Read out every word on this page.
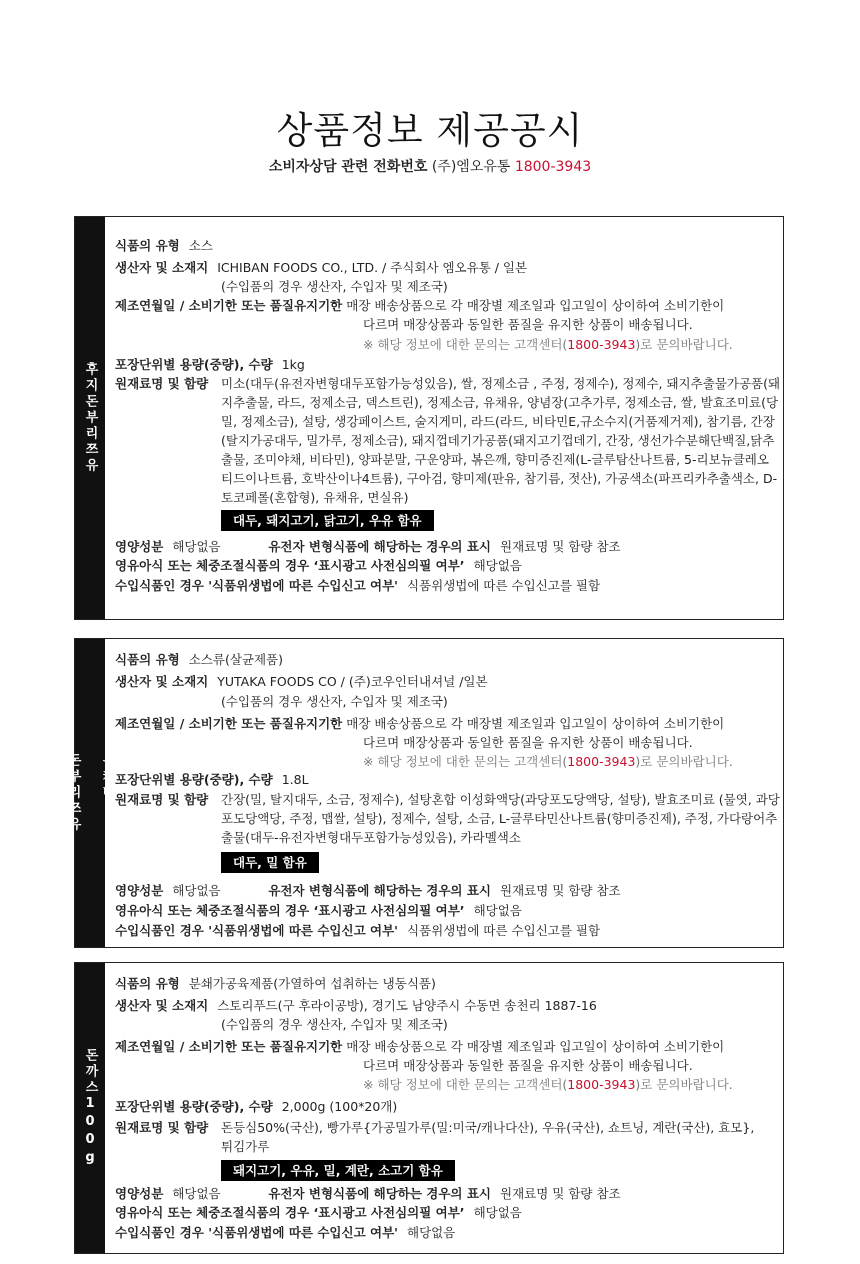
상품정보 제공공시
소비자상담 관련 전화번호 (주)엠오유통 1800-3943
후지돈부리쯔유
식품의 유형 소스
생산자 및 소재지 ICHIBAN FOODS CO., LTD. / 주식회사 엠오유통 / 일본
(수입품의 경우 생산자, 수입자 및 제조국)
제조연월일 / 소비기한 또는 품질유지기한 매장 배송상품으로 각 매장별 제조일과 입고일이 상이하여 소비기한이
다르며 매장상품과 동일한 품질을 유지한 상품이 배송됩니다.
※ 해당 정보에 대한 문의는 고객센터(1800-3943)로 문의바랍니다.
포장단위별 용량(중량), 수량 1kg
원재료명 및 함량 미소(대두(유전자변형대두포함가능성있음), 쌀, 정제소금 , 주정, 정제수), 정제수, 돼지추출물가공품(돼지추출물, 라드, 정제소금, 덱스트린), 정제소금, 유채유, 양념장(고추가루, 정제소금, 쌀, 발효조미료(당밀, 정제소금), 설탕, 생강페이스트, 술지게미, 라드(라드, 비타민E,규소수지(거품제거제), 참기름, 간장(탈지가공대두, 밀가루, 정제소금), 돼지껍데기가공품(돼지고기껍데기, 간장, 생선가수분해단백질,닭추출물, 조미야채, 비타민), 양파분말, 구운양파, 볶은깨, 향미증진제(L-글루탐산나트륨, 5-리보뉴클레오티드이나트륨, 호박산이나4트륨), 구아검, 향미제(판유, 참기름, 젓산), 가공색소(파프리카추출색소, D-토코페롤(혼합형), 유채유, 면실유)
대두, 돼지고기, 닭고기, 우유 함유
영양성분 해당없음	유전자 변형식품에 해당하는 경우의 표시 원재료명 및 함량 참조
영유아식 또는 체중조절식품의 경우 ‘표시광고 사전심의필 여부’ 해당없음
수입식품인 경우 '식품위생법에 따른 수입신고 여부' 식품위생법에 따른 수입신고를 필함
유카타

돈부리쯔유
식품의 유형 소스류(살균제품)
생산자 및 소재지 YUTAKA FOODS CO / (주)코우인터내셔널 /일본
(수입품의 경우 생산자, 수입자 및 제조국)
제조연월일 / 소비기한 또는 품질유지기한 매장 배송상품으로 각 매장별 제조일과 입고일이 상이하여 소비기한이
다르며 매장상품과 동일한 품질을 유지한 상품이 배송됩니다.
※ 해당 정보에 대한 문의는 고객센터(1800-3943)로 문의바랍니다.
포장단위별 용량(중량), 수량 1.8L
원재료명 및 함량 간장(밀, 탈지대두, 소금, 정제수), 설탕혼합 이성화액당(과당포도당액당, 설탕), 발효조미료 (물엿, 과당포도당액당, 주정, 맵쌀, 설탕), 정제수, 설탕, 소금, L-글루타민산나트륨(향미증진제), 주정, 가다랑어추출물(대두-유전자변형대두포함가능성있음), 카라멜색소
대두, 밀 함유
영양성분 해당없음	유전자 변형식품에 해당하는 경우의 표시 원재료명 및 함량 참조
영유아식 또는 체중조절식품의 경우 ‘표시광고 사전심의필 여부’ 해당없음
수입식품인 경우 '식품위생법에 따른 수입신고 여부' 식품위생법에 따른 수입신고를 필함
돈까스100g
식품의 유형 분쇄가공육제품(가열하여 섭취하는 냉동식품)
생산자 및 소재지 스토리푸드(구 후라이공방), 경기도 남양주시 수동면 송천리 1887-16
(수입품의 경우 생산자, 수입자 및 제조국)
제조연월일 / 소비기한 또는 품질유지기한 매장 배송상품으로 각 매장별 제조일과 입고일이 상이하여 소비기한이
다르며 매장상품과 동일한 품질을 유지한 상품이 배송됩니다.
※ 해당 정보에 대한 문의는 고객센터(1800-3943)로 문의바랍니다.
포장단위별 용량(중량), 수량 2,000g (100*20개)
원재료명 및 함량 돈등심50%(국산), 빵가루{가공밀가루(밀:미국/캐나다산), 우유(국산), 쇼트닝, 계란(국산), 효모}, 튀김가루
돼지고기, 우유, 밀, 계란, 소고기 함유
영양성분 해당없음	유전자 변형식품에 해당하는 경우의 표시 원재료명 및 함량 참조
영유아식 또는 체중조절식품의 경우 ‘표시광고 사전심의필 여부’ 해당없음
수입식품인 경우 '식품위생법에 따른 수입신고 여부' 해당없음
